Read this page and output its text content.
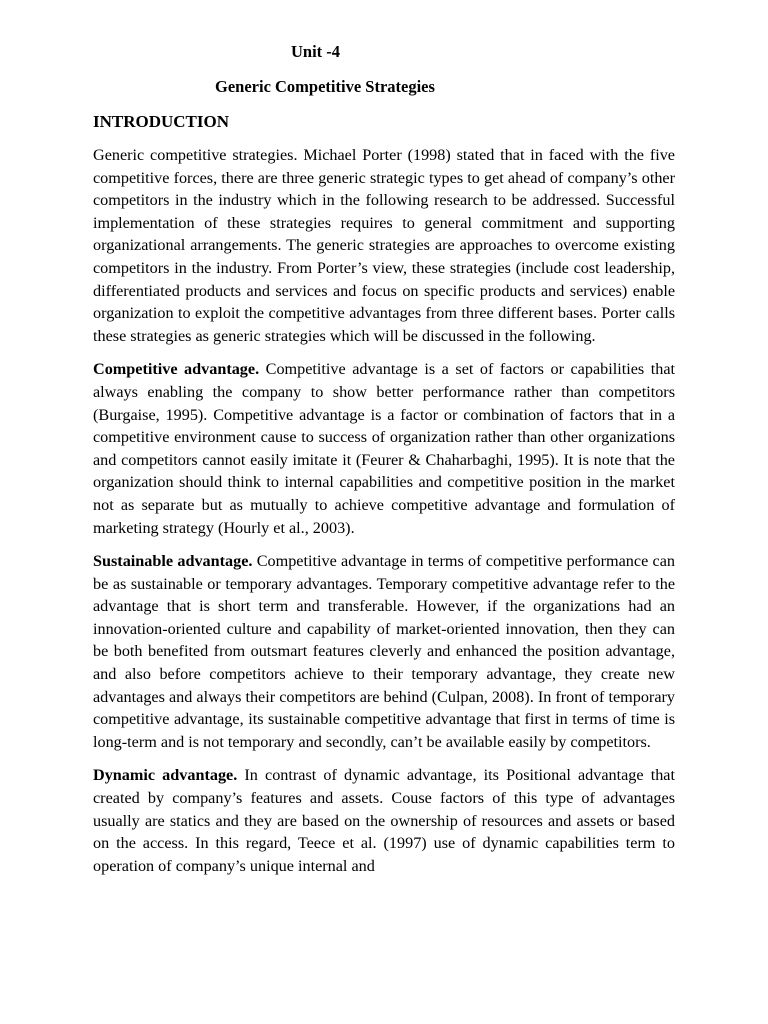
Unit -4

Generic Competitive Strategies

INTRODUCTION

Generic competitive strategies. Michael Porter (1998) stated that in faced with the five competitive forces, there are three generic strategic types to get ahead of company’s other competitors in the industry which in the following research to be addressed. Successful implementation of these strategies requires to general commitment and supporting organizational arrangements. The generic strategies are approaches to overcome existing competitors in the industry. From Porter’s view, these strategies (include cost leadership, differentiated products and services and focus on specific products and services) enable organization to exploit the competitive advantages from three different bases. Porter calls these strategies as generic strategies which will be discussed in the following.

Competitive advantage. Competitive advantage is a set of factors or capabilities that always enabling the company to show better performance rather than competitors (Burgaise, 1995). Competitive advantage is a factor or combination of factors that in a competitive environment cause to success of organization rather than other organizations and competitors cannot easily imitate it (Feurer & Chaharbaghi, 1995). It is note that the organization should think to internal capabilities and competitive position in the market not as separate but as mutually to achieve competitive advantage and formulation of marketing strategy (Hourly et al., 2003).

Sustainable advantage. Competitive advantage in terms of competitive performance can be as sustainable or temporary advantages. Temporary competitive advantage refer to the advantage that is short term and transferable. However, if the organizations had an innovation-oriented culture and capability of market-oriented innovation, then they can be both benefited from outsmart features cleverly and enhanced the position advantage, and also before competitors achieve to their temporary advantage, they create new advantages and always their competitors are behind (Culpan, 2008). In front of temporary competitive advantage, its sustainable competitive advantage that first in terms of time is long-term and is not temporary and secondly, can’t be available easily by competitors.

Dynamic advantage. In contrast of dynamic advantage, its Positional advantage that created by company’s features and assets. Couse factors of this type of advantages usually are statics and they are based on the ownership of resources and assets or based on the access. In this regard, Teece et al. (1997) use of dynamic capabilities term to operation of company’s unique internal and
